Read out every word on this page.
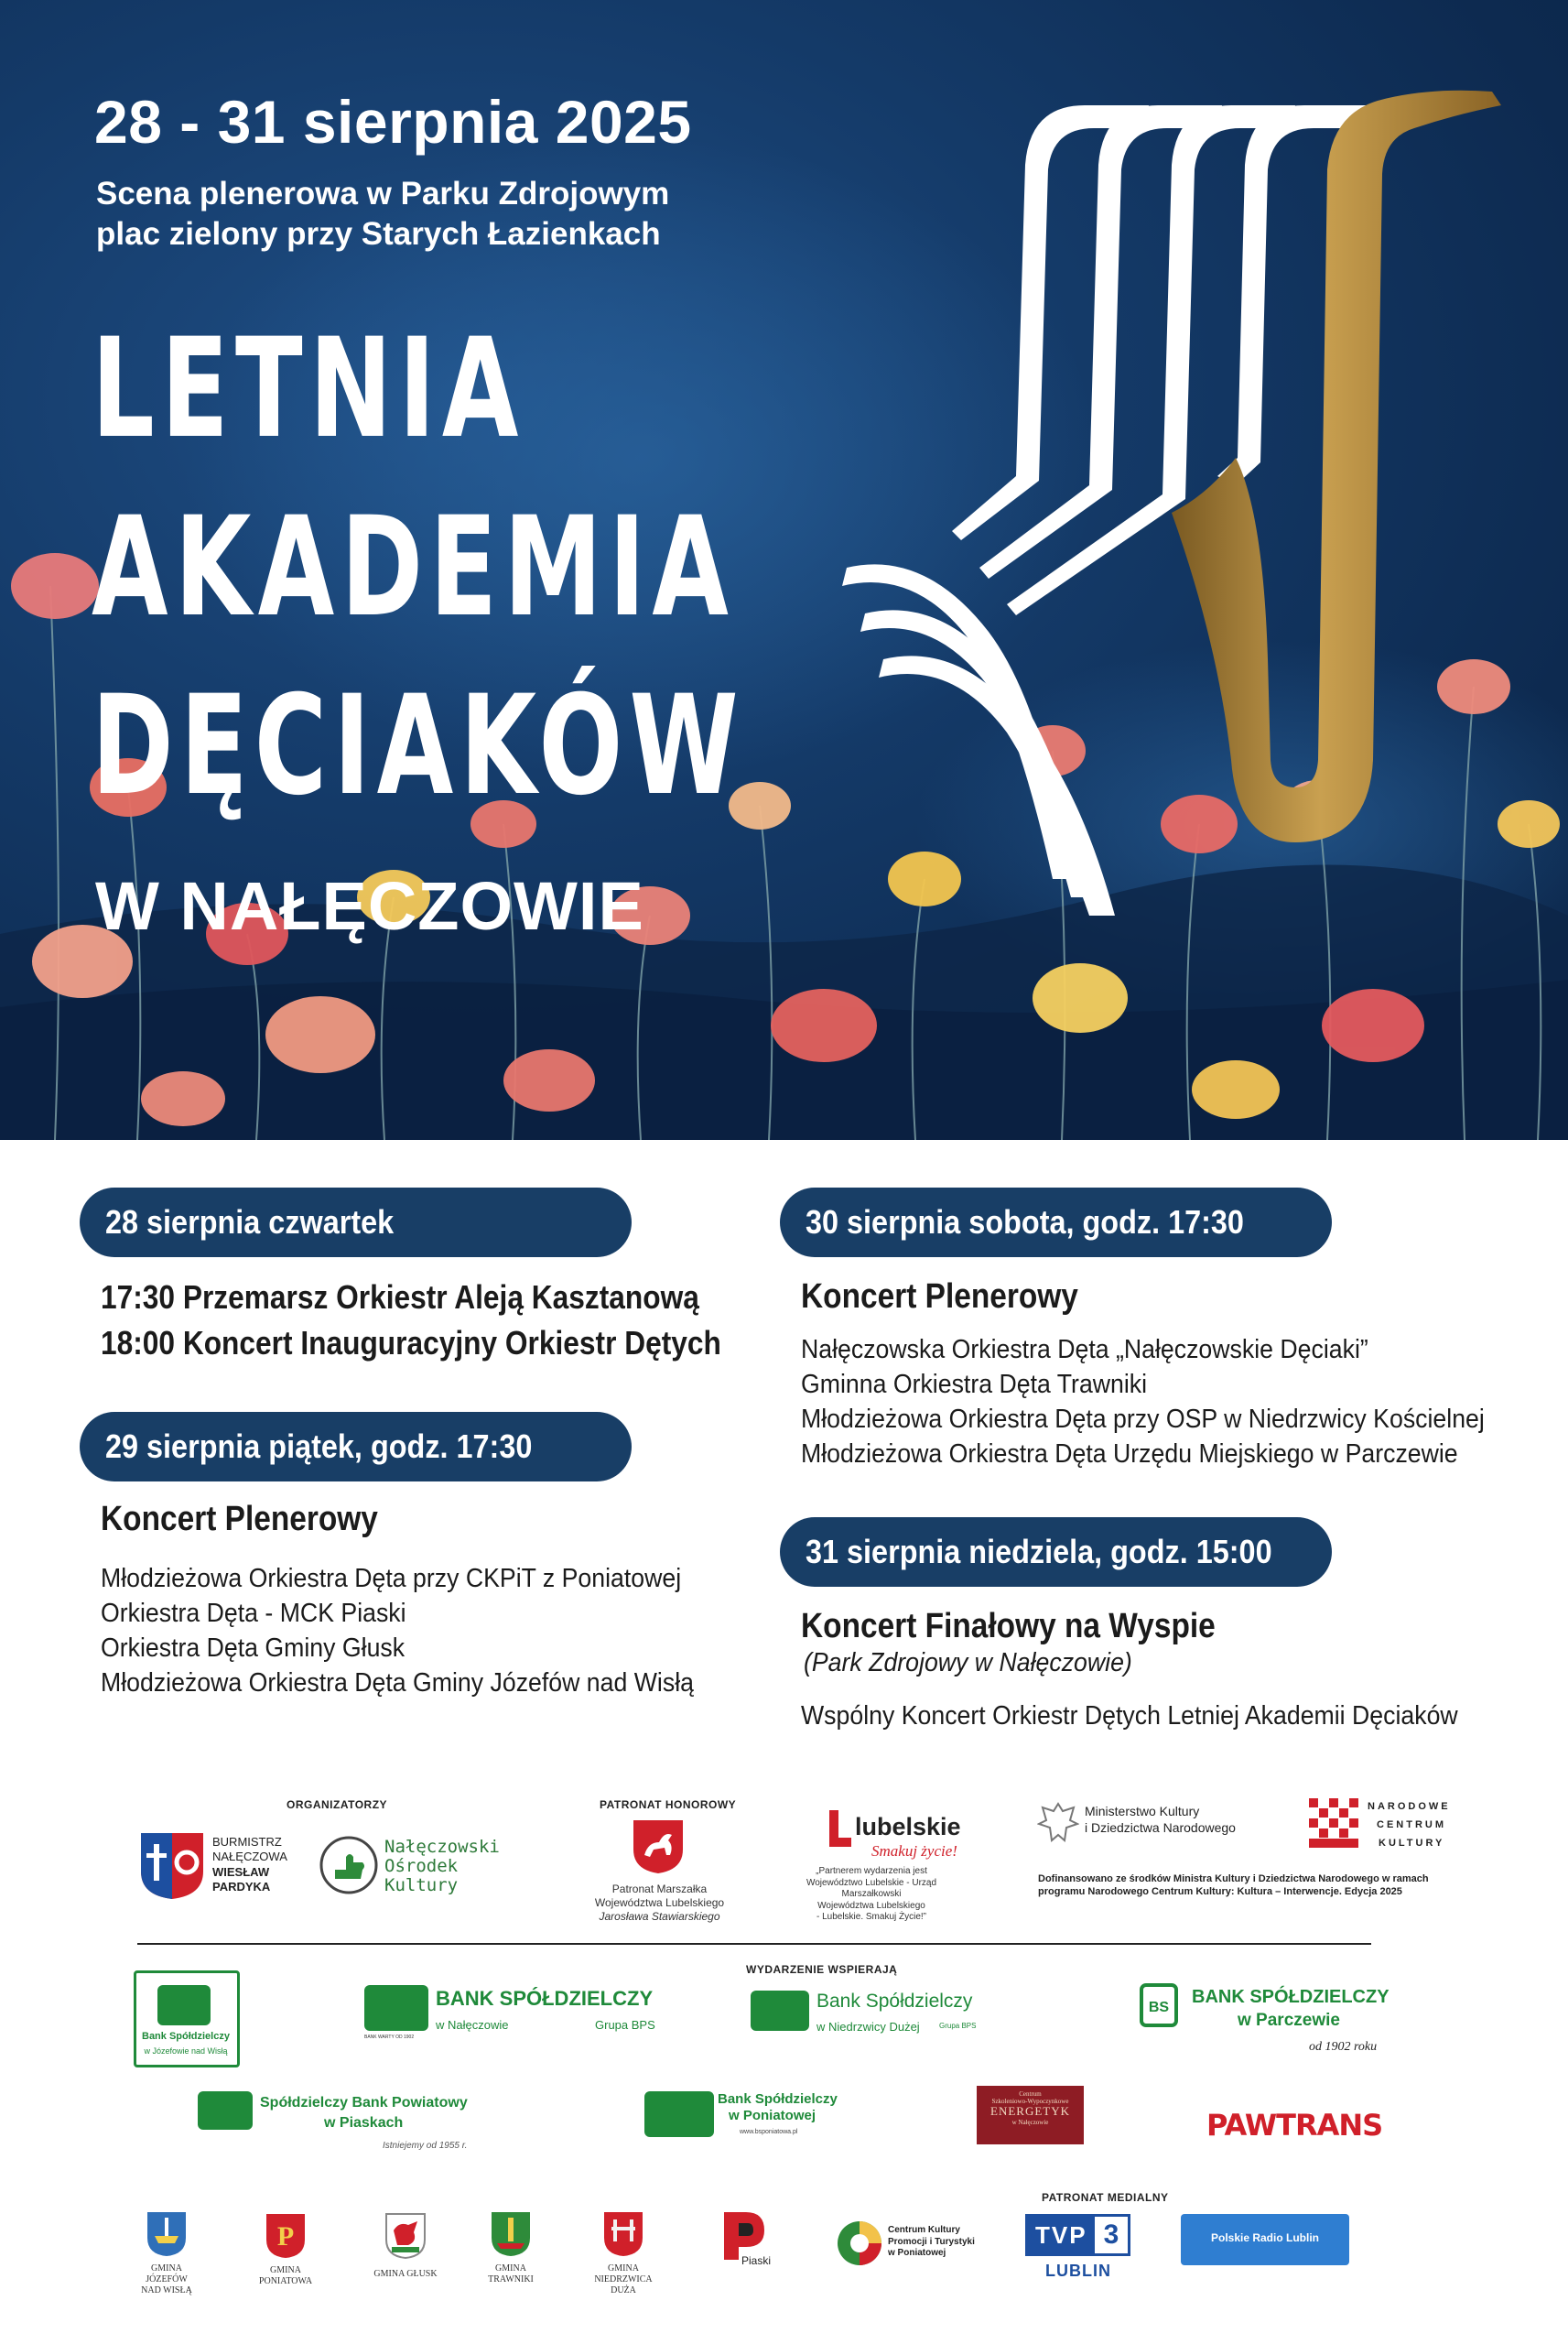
28 - 31 sierpnia 2025
Scena plenerowa w Parku Zdrojowym
plac zielony przy Starych Łazienkach
LETNIA
AKADEMIA
DĘCIAKÓW
W NAŁĘCZOWIE
28 sierpnia czwartek
17:30 Przemarsz Orkiestr Aleją Kasztanową
18:00 Koncert Inauguracyjny Orkiestr Dętych
29 sierpnia piątek, godz. 17:30
Koncert Plenerowy
Młodzieżowa Orkiestra Dęta przy CKPiT z Poniatowej
Orkiestra Dęta - MCK Piaski
Orkiestra Dęta Gminy Głusk
Młodzieżowa Orkiestra Dęta Gminy Józefów nad Wisłą
30 sierpnia sobota, godz. 17:30
Koncert Plenerowy
Nałęczowska Orkiestra Dęta „Nałęczowskie Dęciaki”
Gminna Orkiestra Dęta Trawniki
Młodzieżowa Orkiestra Dęta przy OSP w Niedrzwicy Kościelnej
Młodzieżowa Orkiestra Dęta Urzędu Miejskiego w Parczewie
31 sierpnia niedziela, godz. 15:00
Koncert Finałowy na Wyspie
(Park Zdrojowy w Nałęczowie)
Wspólny Koncert Orkiestr Dętych Letniej Akademii Dęciaków
ORGANIZATORZY	PATRONAT HONOROWY
BURMISTRZ
NAŁĘCZOWA
WIESŁAW
PARDYKA
Nałęczowski
Ośrodek
Kultury	Patronat Marszałka
Województwa Lubelskiego
Jarosława Stawiarskiego
lubelskie
Smakuj życie!
„Partnerem wydarzenia jest
Województwo Lubelskie - Urząd Marszałkowski
Województwa Lubelskiego
- Lubelskie. Smakuj Życie!”
Ministerstwo Kultury
i Dziedzictwa Narodowego
NARODOWE
CENTRUM
KULTURY
Dofinansowano ze środków Ministra Kultury i Dziedzictwa Narodowego w ramach
programu Narodowego Centrum Kultury: Kultura – Interwencje. Edycja 2025
WYDARZENIE WSPIERAJĄ
Bank Spółdzielczy
w Józefowie nad Wisłą
BANK SPÓŁDZIELCZY
w Nałęczowie	Grupa BPS
BANK WARTY OD 1902
Bank Spółdzielczy
w Niedrzwicy Dużej	Grupa BPS
BS
BANK SPÓŁDZIELCZY
w Parczewie
od 1902 roku
Spółdzielczy Bank Powiatowy
w Piaskach
Istniejemy od 1955 r.
Bank Spółdzielczy
w Poniatowej
www.bsponiatowa.pl
Centrum
Szkoleniowo-Wypoczynkowe
ENERGETYK
w Nałęczowie	PAWTRANS
GMINA
JÓZEFÓW
NAD WISŁĄ
P
GMINA
PONIATOWA
GMINA GŁUSK
GMINA
TRAWNIKI
GMINA
NIEDRZWICA
DUŻA
Piaski
Centrum Kultury
Promocji i Turystyki
w Poniatowej
PATRONAT MEDIALNY
TVP 3
LUBLIN
Polskie Radio Lublin
